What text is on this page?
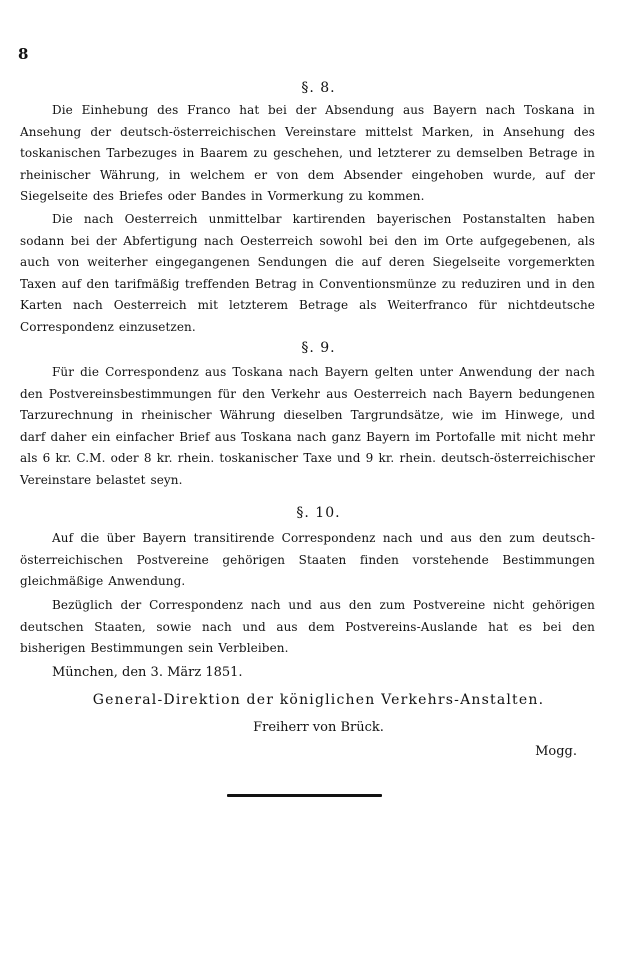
8
§. 8.

Die Einhebung des Franco hat bei der Absendung aus Bayern nach Toskana in Ansehung der deutsch-österreichischen Vereinstare mittelst Marken, in Ansehung des toskanischen Tarbezuges in Baarem zu geschehen, und letzterer zu demselben Betrage in rheinischer Währung, in welchem er von dem Absender eingehoben wurde, auf der Siegelseite des Briefes oder Bandes in Vormerkung zu kommen.

Die nach Oesterreich unmittelbar kartirenden bayerischen Postanstalten haben sodann bei der Abfertigung nach Oesterreich sowohl bei den im Orte aufgegebenen, als auch von weiterher eingegangenen Sendungen die auf deren Siegelseite vorgemerkten Taxen auf den tarifmäßig treffenden Betrag in Conventionsmünze zu reduziren und in den Karten nach Oesterreich mit letzterem Betrage als Weiterfranco für nichtdeutsche Correspondenz einzusetzen.

§. 9.

Für die Correspondenz aus Toskana nach Bayern gelten unter Anwendung der nach den Postvereinsbestimmungen für den Verkehr aus Oesterreich nach Bayern bedungenen Tarzurechnung in rheinischer Währung dieselben Targrundsätze, wie im Hinwege, und darf daher ein einfacher Brief aus Toskana nach ganz Bayern im Portofalle mit nicht mehr als 6 kr. C.M. oder 8 kr. rhein. toskanischer Taxe und 9 kr. rhein. deutsch-österreichischer Vereinstare belastet seyn.

§. 10.

Auf die über Bayern transitirende Correspondenz nach und aus den zum deutsch-österreichischen Postvereine gehörigen Staaten finden vorstehende Bestimmungen gleichmäßige Anwendung.

Bezüglich der Correspondenz nach und aus den zum Postvereine nicht gehörigen deutschen Staaten, sowie nach und aus dem Postvereins-Auslande hat es bei den bisherigen Bestimmungen sein Verbleiben.

München, den 3. März 1851.
General-Direktion der königlichen Verkehrs-Anstalten.
Freiherr von Brück.
Mogg.
